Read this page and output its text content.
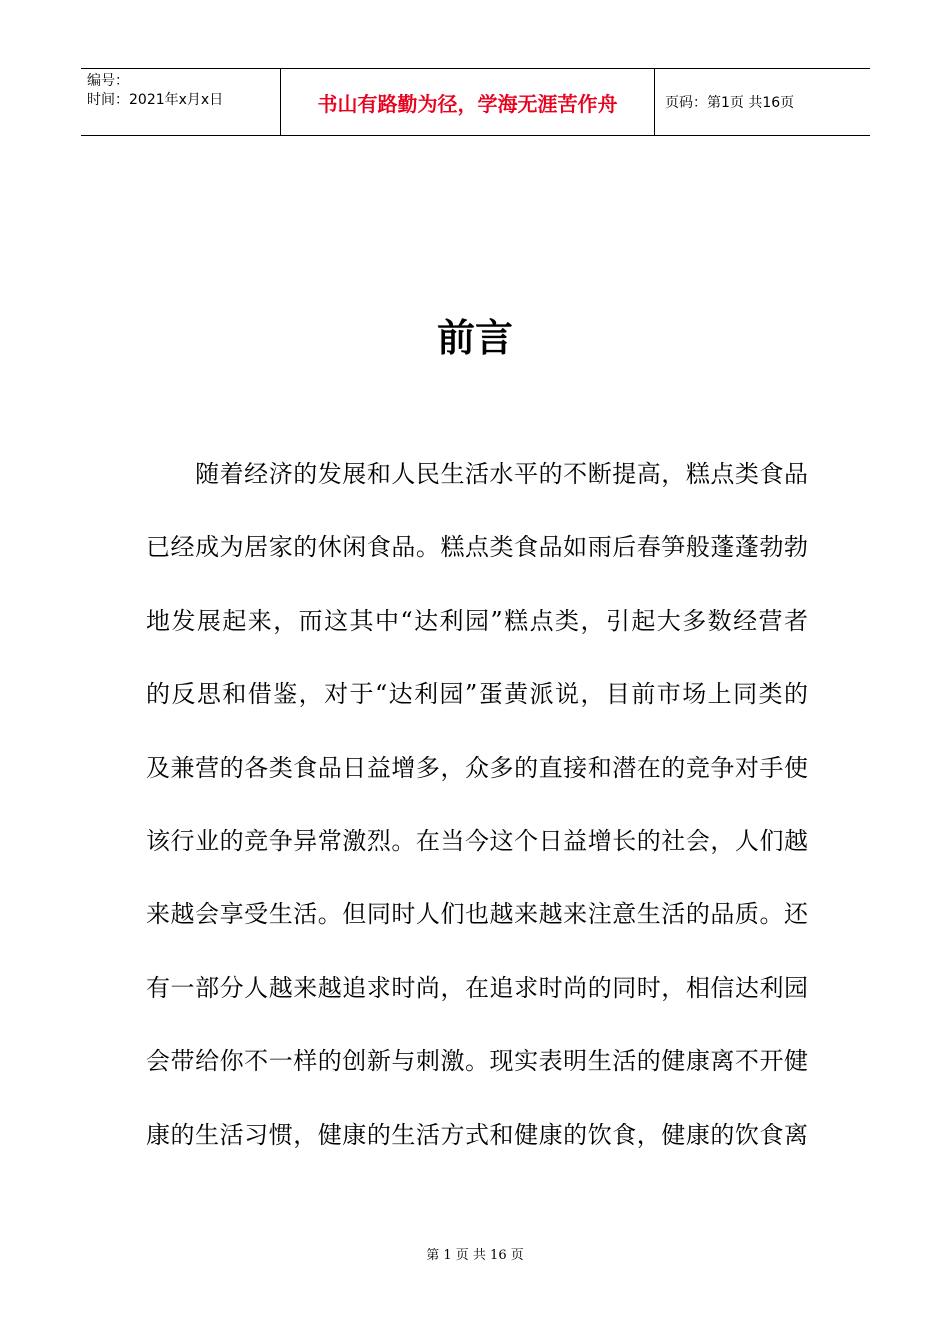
编号：
时间：2021年x月x日	书山有路勤为径，学海无涯苦作舟	页码：第1页 共16页
前言
　　随着经济的发展和人民生活水平的不断提高，糕点类食品
已经成为居家的休闲食品。糕点类食品如雨后春笋般蓬蓬勃勃
地发展起来，而这其中“达利园”糕点类，引起大多数经营者
的反思和借鉴，对于“达利园”蛋黄派说，目前市场上同类的
及兼营的各类食品日益增多，众多的直接和潜在的竞争对手使
该行业的竞争异常激烈。在当今这个日益增长的社会，人们越
来越会享受生活。但同时人们也越来越来注意生活的品质。还
有一部分人越来越追求时尚，在追求时尚的同时，相信达利园
会带给你不一样的创新与刺激。现实表明生活的健康离不开健
康的生活习惯，健康的生活方式和健康的饮食，健康的饮食离
第 1 页 共 16 页
